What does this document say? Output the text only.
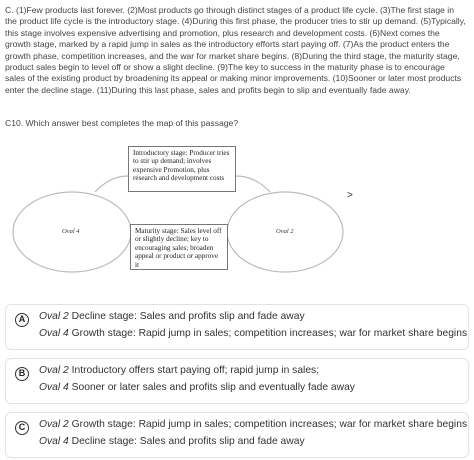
C. (1)Few products last forever. (2)Most products go through distinct stages of a product life cycle. (3)The first stage in the product life cycle is the introductory stage. (4)During this first phase, the producer tries to stir up demand. (5)Typically, this stage involves expensive advertising and promotion, plus research and development costs. (6)Next comes the growth stage, marked by a rapid jump in sales as the introductory efforts start paying off. (7)As the product enters the growth phase, competition increases, and the war for market share begins. (8)During the third stage, the maturity stage, product sales begin to level off or show a slight decline. (9)The key to success in the maturity phase is to encourage sales of the existing product by broadening its appeal or making minor improvements. (10)Sooner or later most products enter the decline stage. (11)During this last phase, sales and profits begin to slip and eventually fade away.
C10. Which answer best completes the map of this passage?
Introductory stage: Producer tries to stir up demand; involves expensive Promotion, plus research and development costs
Maturity stage: Sales level off or slightly decline; key to encouraging sales; broaden appeal or product or approve it
Oval 4	Oval 2
>
A	Oval 2 Decline stage: Sales and profits slip and fade away
Oval 4 Growth stage: Rapid jump in sales; competition increases; war for market share begins
B	Oval 2 Introductory offers start paying off; rapid jump in sales;
Oval 4 Sooner or later sales and profits slip and eventually fade away
C	Oval 2 Growth stage: Rapid jump in sales; competition increases; war for market share begins
Oval 4 Decline stage: Sales and profits slip and fade away
